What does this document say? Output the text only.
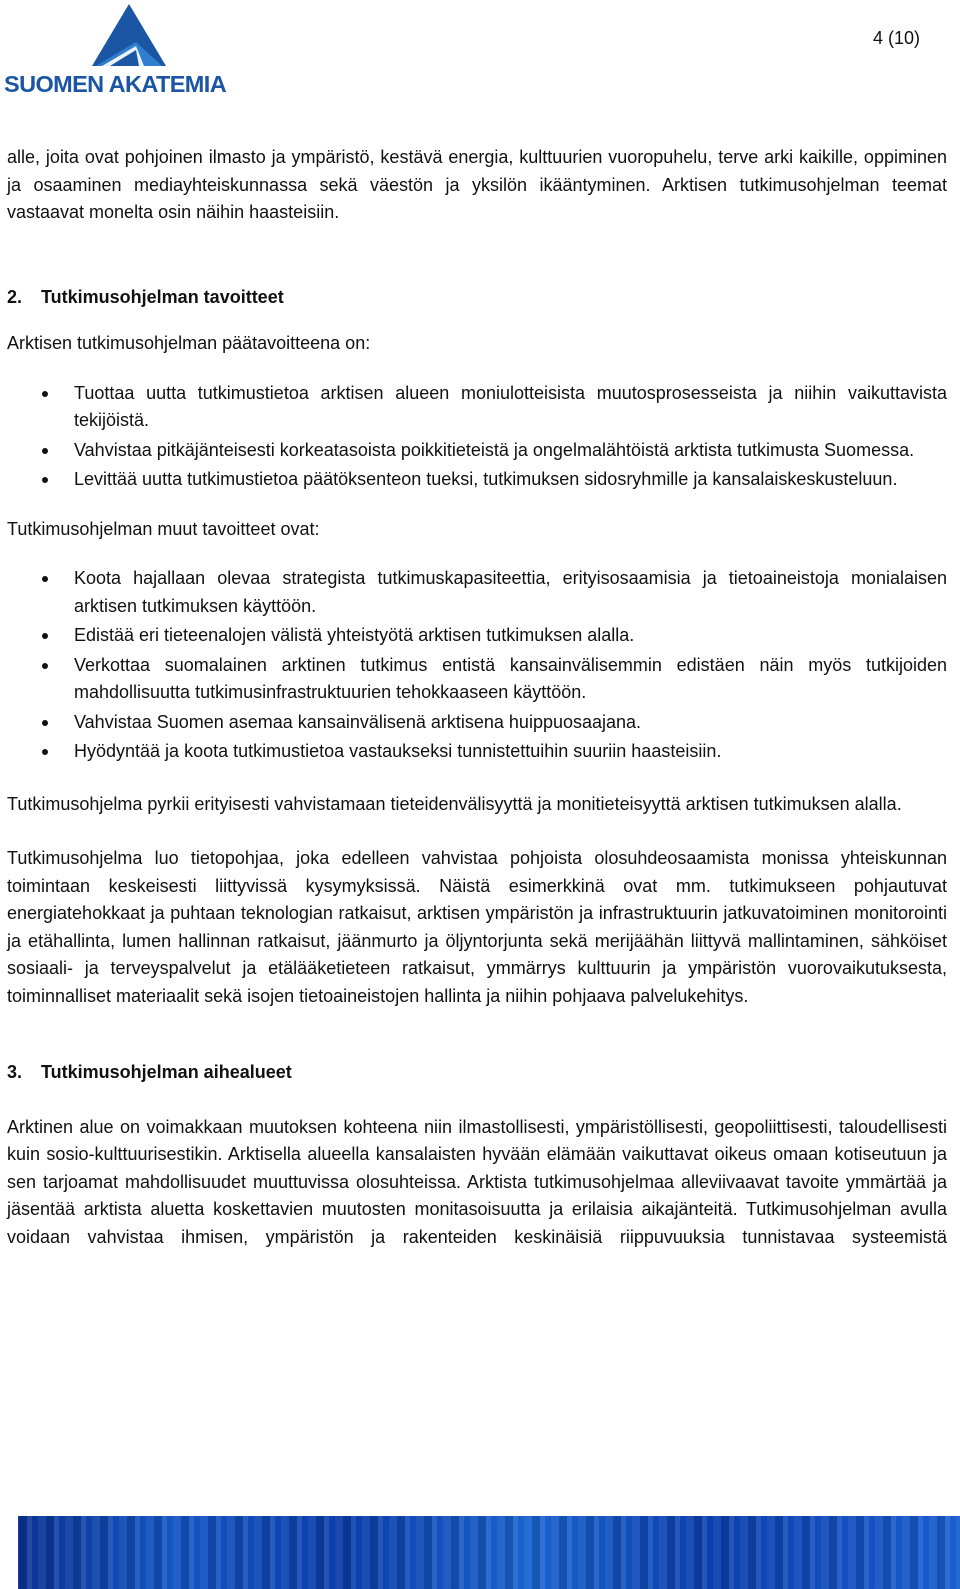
SUOMEN AKATEMIA
4 (10)

alle, joita ovat pohjoinen ilmasto ja ympäristö, kestävä energia, kulttuurien vuoropuhelu, terve arki kaikille, oppiminen ja osaaminen mediayhteiskunnassa sekä väestön ja yksilön ikääntyminen. Arktisen tutkimusohjelman teemat vastaavat monelta osin näihin haasteisiin.

2.	Tutkimusohjelman tavoitteet

Arktisen tutkimusohjelman päätavoitteena on:

Tuottaa uutta tutkimustietoa arktisen alueen moniulotteisista muutosprosesseista ja niihin vaikuttavista tekijöistä.
Vahvistaa pitkäjänteisesti korkeatasoista poikkitieteistä ja ongelmalähtöistä arktista tutkimusta Suomessa.
Levittää uutta tutkimustietoa päätöksenteon tueksi, tutkimuksen sidosryhmille ja kansalaiskeskusteluun.

Tutkimusohjelman muut tavoitteet ovat:

Koota hajallaan olevaa strategista tutkimuskapasiteettia, erityisosaamisia ja tietoaineistoja monialaisen arktisen tutkimuksen käyttöön.
Edistää eri tieteenalojen välistä yhteistyötä arktisen tutkimuksen alalla.
Verkottaa suomalainen arktinen tutkimus entistä kansainvälisemmin edistäen näin myös tutkijoiden mahdollisuutta tutkimusinfrastruktuurien tehokkaaseen käyttöön.
Vahvistaa Suomen asemaa kansainvälisenä arktisena huippuosaajana.
Hyödyntää ja koota tutkimustietoa vastaukseksi tunnistettuihin suuriin haasteisiin.

Tutkimusohjelma pyrkii erityisesti vahvistamaan tieteidenvälisyyttä ja monitieteisyyttä arktisen tutkimuksen alalla.

Tutkimusohjelma luo tietopohjaa, joka edelleen vahvistaa pohjoista olosuhdeosaamista monissa yhteiskunnan toimintaan keskeisesti liittyvissä kysymyksissä. Näistä esimerkkinä ovat mm. tutkimukseen pohjautuvat energiatehokkaat ja puhtaan teknologian ratkaisut, arktisen ympäristön ja infrastruktuurin jatkuvatoiminen monitorointi ja etähallinta, lumen hallinnan ratkaisut, jäänmurto ja öljyntorjunta sekä merijäähän liittyvä mallintaminen, sähköiset sosiaali- ja terveyspalvelut ja etälääketieteen ratkaisut, ymmärrys kulttuurin ja ympäristön vuorovaikutuksesta, toiminnalliset materiaalit sekä isojen tietoaineistojen hallinta ja niihin pohjaava palvelukehitys.

3.	Tutkimusohjelman aihealueet

Arktinen alue on voimakkaan muutoksen kohteena niin ilmastollisesti, ympäristöllisesti, geopoliittisesti, taloudellisesti kuin sosio-kulttuurisestikin. Arktisella alueella kansalaisten hyvään elämään vaikuttavat oikeus omaan kotiseutuun ja sen tarjoamat mahdollisuudet muuttuvissa olosuhteissa. Arktista tutkimusohjelmaa alleviivaavat tavoite ymmärtää ja jäsentää arktista aluetta koskettavien muutosten monitasoisuutta ja erilaisia aikajänteitä. Tutkimusohjelman avulla voidaan vahvistaa ihmisen, ympäristön ja rakenteiden keskinäisiä riippuvuuksia tunnistavaa systeemistä
